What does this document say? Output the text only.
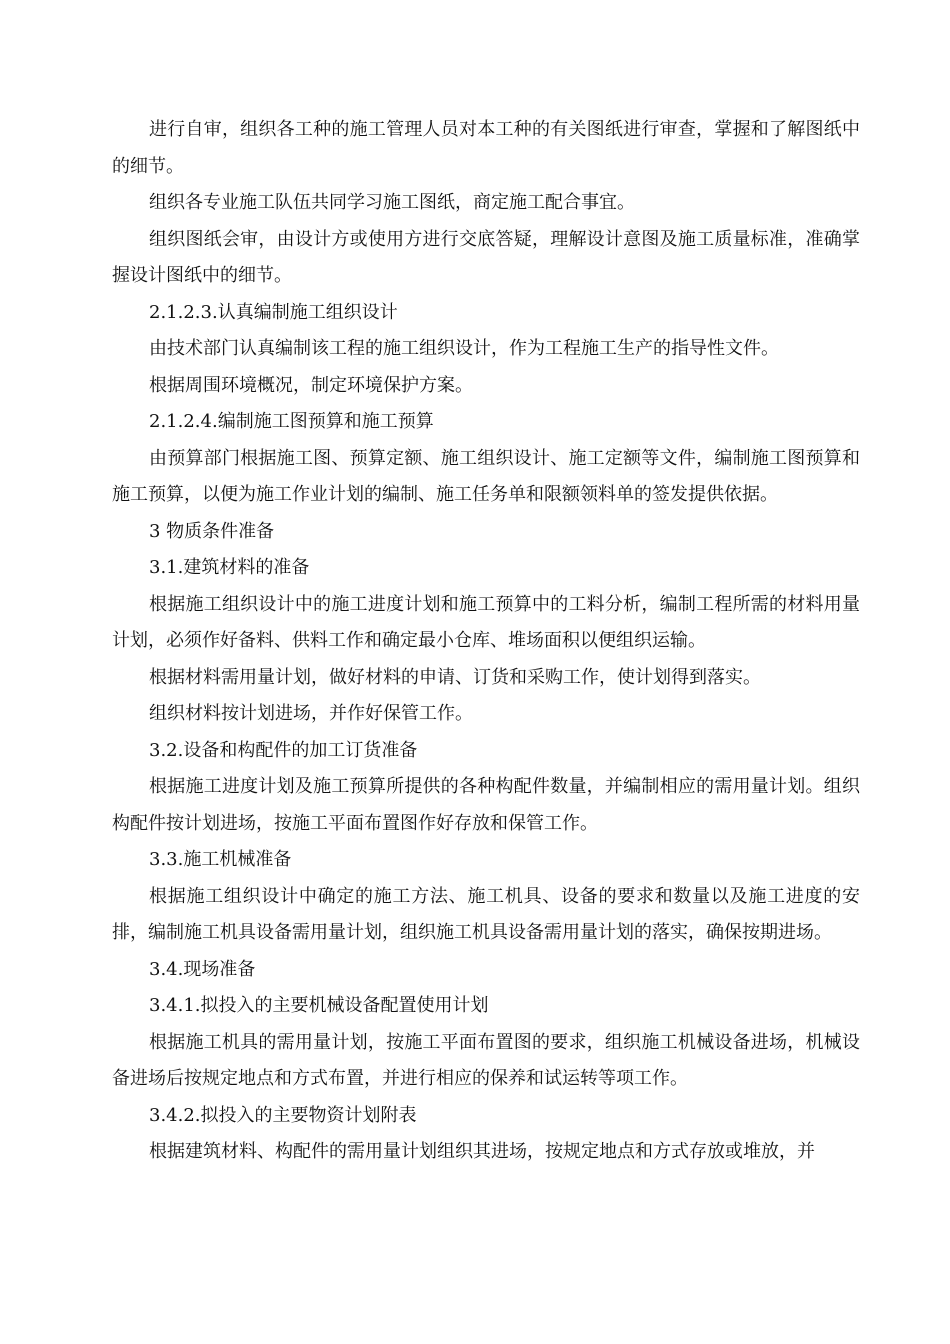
进行自审，组织各工种的施工管理人员对本工种的有关图纸进行审查，掌握和了解图纸中的细节。

组织各专业施工队伍共同学习施工图纸，商定施工配合事宜。

组织图纸会审，由设计方或使用方进行交底答疑，理解设计意图及施工质量标准，准确掌握设计图纸中的细节。

2.1.2.3.认真编制施工组织设计

由技术部门认真编制该工程的施工组织设计，作为工程施工生产的指导性文件。

根据周围环境概况，制定环境保护方案。

2.1.2.4.编制施工图预算和施工预算

由预算部门根据施工图、预算定额、施工组织设计、施工定额等文件，编制施工图预算和施工预算，以便为施工作业计划的编制、施工任务单和限额领料单的签发提供依据。

3 物质条件准备

3.1.建筑材料的准备

根据施工组织设计中的施工进度计划和施工预算中的工料分析，编制工程所需的材料用量计划，必须作好备料、供料工作和确定最小仓库、堆场面积以便组织运输。

根据材料需用量计划，做好材料的申请、订货和采购工作，使计划得到落实。

组织材料按计划进场，并作好保管工作。

3.2.设备和构配件的加工订货准备

根据施工进度计划及施工预算所提供的各种构配件数量，并编制相应的需用量计划。组织构配件按计划进场，按施工平面布置图作好存放和保管工作。

3.3.施工机械准备

根据施工组织设计中确定的施工方法、施工机具、设备的要求和数量以及施工进度的安排，编制施工机具设备需用量计划，组织施工机具设备需用量计划的落实，确保按期进场。

3.4.现场准备

3.4.1.拟投入的主要机械设备配置使用计划

根据施工机具的需用量计划，按施工平面布置图的要求，组织施工机械设备进场，机械设备进场后按规定地点和方式布置，并进行相应的保养和试运转等项工作。

3.4.2.拟投入的主要物资计划附表

根据建筑材料、构配件的需用量计划组织其进场，按规定地点和方式存放或堆放，并
